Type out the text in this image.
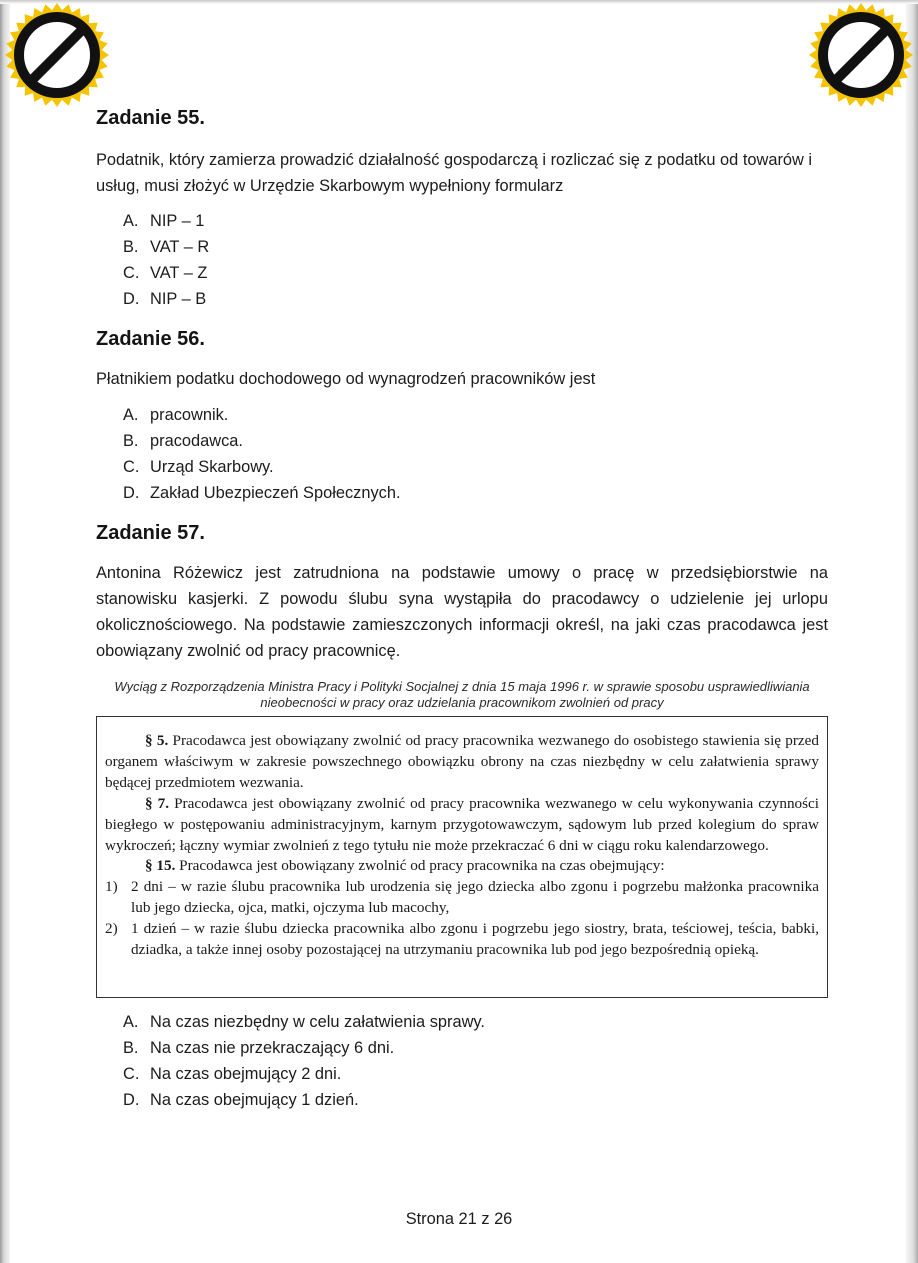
Zadanie 55.

Podatnik, który zamierza prowadzić działalność gospodarczą i rozliczać się z podatku od towarów i usług, musi złożyć w Urzędzie Skarbowym wypełniony formularz

A. NIP – 1
B. VAT – R
C. VAT – Z
D. NIP – B
Zadanie 56.

Płatnikiem podatku dochodowego od wynagrodzeń pracowników jest

A. pracownik.
B. pracodawca.
C. Urząd Skarbowy.
D. Zakład Ubezpieczeń Społecznych.
Zadanie 57.

Antonina Różewicz jest zatrudniona na podstawie umowy o pracę w przedsiębiorstwie na stanowisku kasjerki. Z powodu ślubu syna wystąpiła do pracodawcy o udzielenie jej urlopu okolicznościowego. Na podstawie zamieszczonych informacji określ, na jaki czas pracodawca jest obowiązany zwolnić od pracy pracownicę.

Wyciąg z Rozporządzenia Ministra Pracy i Polityki Socjalnej z dnia 15 maja 1996 r. w sprawie sposobu usprawiedliwiania nieobecności w pracy oraz udzielania pracownikom zwolnień od pracy

§ 5. Pracodawca jest obowiązany zwolnić od pracy pracownika wezwanego do osobistego stawienia się przed organem właściwym w zakresie powszechnego obowiązku obrony na czas niezbędny w celu załatwienia sprawy będącej przedmiotem wezwania.

§ 7. Pracodawca jest obowiązany zwolnić od pracy pracownika wezwanego w celu wykonywania czynności biegłego w postępowaniu administracyjnym, karnym przygotowawczym, sądowym lub przed kolegium do spraw wykroczeń; łączny wymiar zwolnień z tego tytułu nie może przekraczać 6 dni w ciągu roku kalendarzowego.

§ 15. Pracodawca jest obowiązany zwolnić od pracy pracownika na czas obejmujący:

1) 2 dni – w razie ślubu pracownika lub urodzenia się jego dziecka albo zgonu i pogrzebu małżonka pracownika lub jego dziecka, ojca, matki, ojczyma lub macochy,
2) 1 dzień – w razie ślubu dziecka pracownika albo zgonu i pogrzebu jego siostry, brata, teściowej, teścia, babki, dziadka, a także innej osoby pozostającej na utrzymaniu pracownika lub pod jego bezpośrednią opieką.
A. Na czas niezbędny w celu załatwienia sprawy.
B. Na czas nie przekraczający 6 dni.
C. Na czas obejmujący 2 dni.
D. Na czas obejmujący 1 dzień.
Strona 21 z 26
